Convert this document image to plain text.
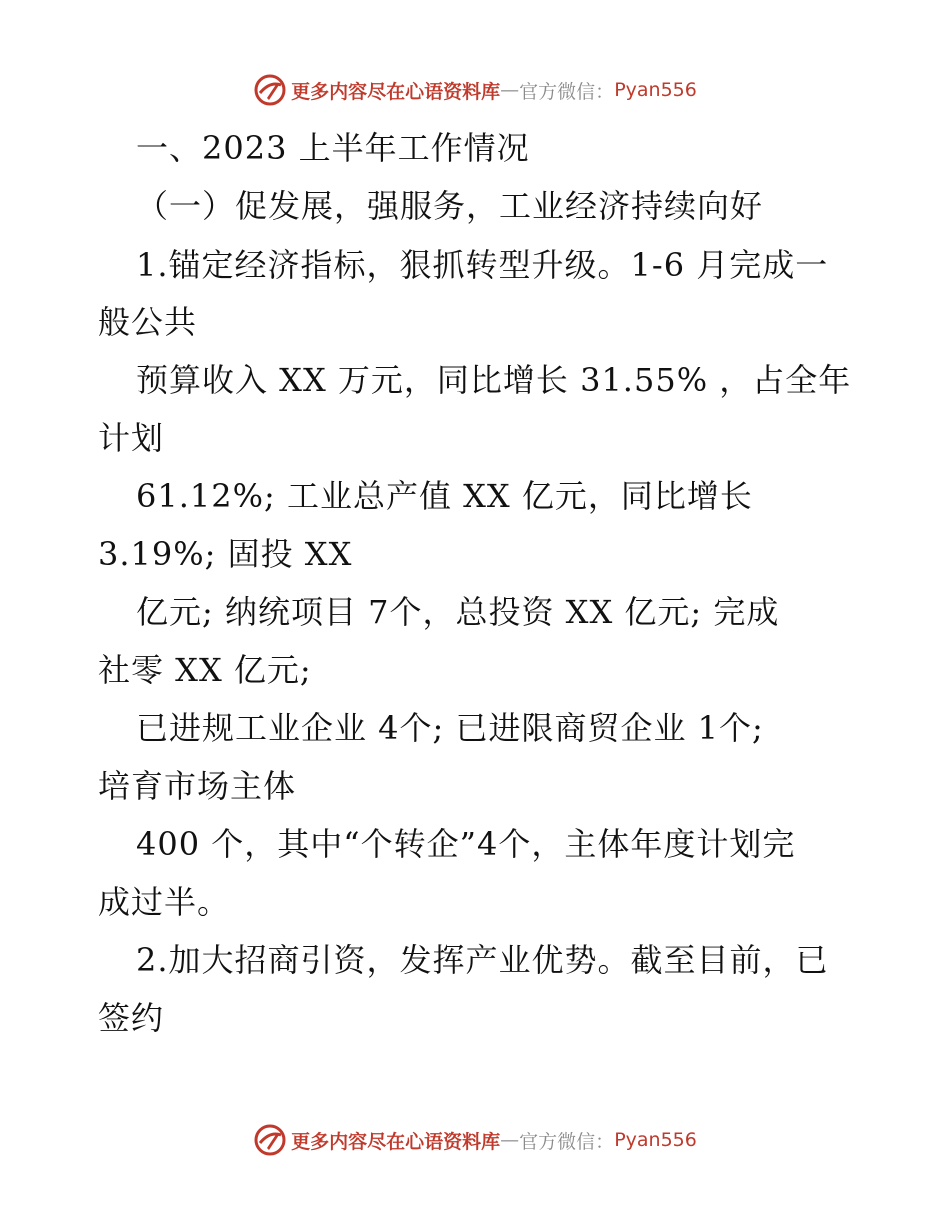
更多内容尽在心语资料库 — 官方微信： Pyan556
一、2023 上半年工作情况
（一）促发展，强服务，工业经济持续向好
1.锚定经济指标，狠抓转型升级。1-6 月完成一
般公共
预算收入 XX 万元，同比增长 31.55% ，占全年
计划
61.12%; 工业总产值 XX 亿元，同比增长
3.19%; 固投 XX
亿元; 纳统项目 7个，总投资 XX 亿元; 完成
社零 XX 亿元;
已进规工业企业 4个; 已进限商贸企业 1个;
培育市场主体
400 个，其中“个转企”4个，主体年度计划完
成过半。
2.加大招商引资，发挥产业优势。截至目前，已
签约
更多内容尽在心语资料库 — 官方微信： Pyan556
